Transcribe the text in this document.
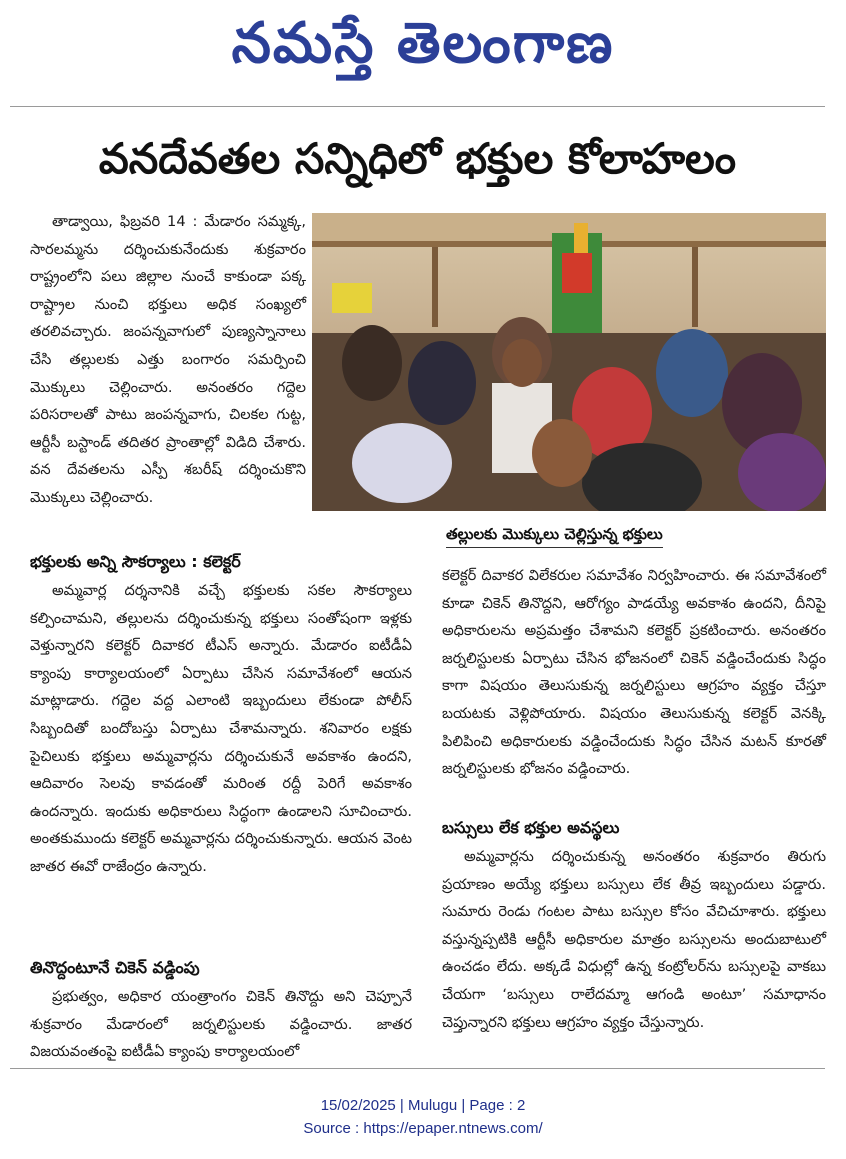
నమస్తే తెలంగాణ
వనదేవతల సన్నిధిలో భక్తుల కోలాహలం

తాడ్వాయి, ఫిబ్రవరి 14 : మేడారం సమ్మక్క, సారలమ్మను దర్శించుకునేందుకు శుక్రవారం రాష్ట్రంలోని పలు జిల్లాల నుంచే కాకుండా పక్క రాష్ట్రాల నుంచి భక్తులు అధిక సంఖ్యలో తరలివచ్చారు. జంపన్నవాగులో పుణ్యస్నానాలు చేసి తల్లులకు ఎత్తు బంగారం సమర్పించి మొక్కులు చెల్లించారు. అనంతరం గద్దెల పరిసరాలతో పాటు జంపన్నవాగు, చిలకల గుట్ట, ఆర్టీసీ బస్టాండ్ తదితర ప్రాంతాల్లో విడిది చేశారు. వన దేవతలను ఎస్పీ శబరీష్ దర్శించుకొని మొక్కులు చెల్లించారు.

తల్లులకు మొక్కులు చెల్లిస్తున్న భక్తులు
భక్తులకు అన్ని సౌకర్యాలు : కలెక్టర్

అమ్మవార్ల దర్శనానికి వచ్చే భక్తులకు సకల సౌకర్యాలు కల్పించామని, తల్లులను దర్శించుకున్న భక్తులు సంతోషంగా ఇళ్లకు వెళ్తున్నారని కలెక్టర్ దివాకర టీఎస్ అన్నారు. మేడారం ఐటీడీఏ క్యాంపు కార్యాలయంలో ఏర్పాటు చేసిన సమావేశంలో ఆయన మాట్లాడారు. గద్దెల వద్ద ఎలాంటి ఇబ్బందులు లేకుండా పోలీస్ సిబ్బందితో బందోబస్తు ఏర్పాటు చేశామన్నారు. శనివారం లక్షకు పైచిలుకు భక్తులు అమ్మవార్లను దర్శించుకునే అవకాశం ఉందని, ఆదివారం సెలవు కావడంతో మరింత రద్దీ పెరిగే అవకాశం ఉందన్నారు. ఇందుకు అధికారులు సిద్ధంగా ఉండాలని సూచించారు. అంతకుముందు కలెక్టర్ అమ్మవార్లను దర్శించుకున్నారు. ఆయన వెంట జాతర ఈవో రాజేంద్రం ఉన్నారు.

తినొద్దంటూనే చికెన్ వడ్డింపు

ప్రభుత్వం, అధికార యంత్రాంగం చికెన్ తినొద్దు అని చెప్పూనే శుక్రవారం మేడారంలో జర్నలిస్టులకు వడ్డించారు. జాతర విజయవంతంపై ఐటీడీఏ క్యాంపు కార్యాలయంలో

కలెక్టర్ దివాకర విలేకరుల సమావేశం నిర్వహించారు. ఈ సమావేశంలో కూడా చికెన్ తినొద్దని, ఆరోగ్యం పాడయ్యే అవకాశం ఉందని, దీనిపై అధికారులను అప్రమత్తం చేశామని కలెక్టర్ ప్రకటించారు. అనంతరం జర్నలిస్టులకు ఏర్పాటు చేసిన భోజనంలో చికెన్ వడ్డించేందుకు సిద్ధం కాగా విషయం తెలుసుకున్న జర్నలిస్టులు ఆగ్రహం వ్యక్తం చేస్తూ బయటకు వెళ్లిపోయారు. విషయం తెలుసుకున్న కలెక్టర్ వెనక్కి పిలిపించి అధికారులకు వడ్డించేందుకు సిద్ధం చేసిన మటన్ కూరతో జర్నలిస్టులకు భోజనం వడ్డించారు.

బస్సులు లేక భక్తుల అవస్థలు

అమ్మవార్లను దర్శించుకున్న అనంతరం శుక్రవారం తిరుగు ప్రయాణం అయ్యే భక్తులు బస్సులు లేక తీవ్ర ఇబ్బందులు పడ్డారు. సుమారు రెండు గంటల పాటు బస్సుల కోసం వేచిచూశారు. భక్తులు వస్తున్నప్పటికి ఆర్టీసీ అధికారుల మాత్రం బస్సులను అందుబాటులో ఉంచడం లేదు. అక్కడే విధుల్లో ఉన్న కంట్రోలర్‌ను బస్సులపై వాకబు చేయగా ‘బస్సులు రాలేదమ్మా ఆగండి అంటూ’ సమాధానం చెప్తున్నారని భక్తులు ఆగ్రహం వ్యక్తం చేస్తున్నారు.

15/02/2025 | Mulugu | Page : 2
Source : https://epaper.ntnews.com/
